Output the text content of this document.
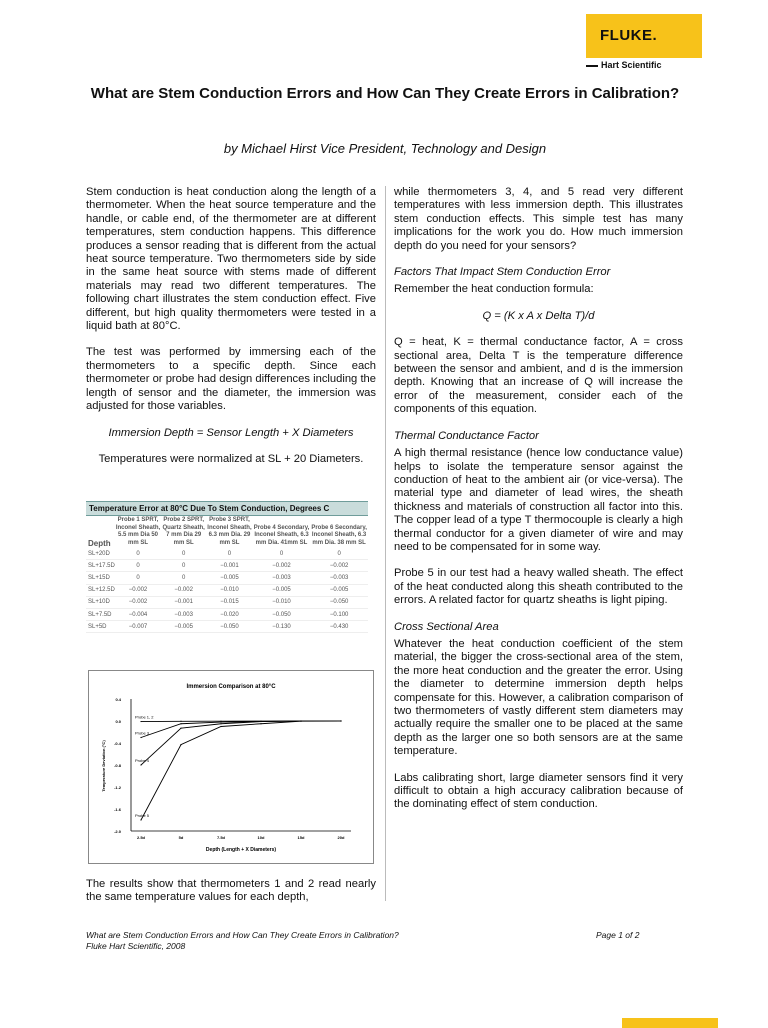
FLUKE.
Hart Scientific
What are Stem Conduction Errors and How Can They Create Errors in Calibration?
by Michael Hirst Vice President, Technology and Design

Stem conduction is heat conduction along the length of a thermometer. When the heat source temperature and the handle, or cable end, of the thermometer are at different temperatures, stem conduction happens. This difference produces a sensor reading that is different from the actual heat source temperature. Two thermometers side by side in the same heat source with stems made of different materials may read two different temperatures. The following chart illustrates the stem conduction effect. Five different, but high quality thermometers were tested in a liquid bath at 80°C.

The test was performed by immersing each of the thermometers to a specific depth. Since each thermometer or probe had design differences including the length of sensor and the diameter, the immersion was adjusted for those variables.

Immersion Depth = Sensor Length + X Diameters

Temperatures were normalized at SL + 20 Diameters.

Temperature Error at 80°C Due To Stem Conduction, Degrees C
Depth	Probe 1 SPRT, Inconel Sheath, 5.5 mm Dia 50 mm SL	Probe 2 SPRT, Quartz Sheath, 7 mm Dia 29 mm SL	Probe 3 SPRT, Inconel Sheath, 6.3 mm Dia. 29 mm SL	Probe 4 Secondary, Inconel Sheath, 6.3 mm Dia. 41mm SL	Probe 6 Secondary, Inconel Sheath, 6.3 mm Dia. 38 mm SL
SL+20D	0	0	0	0	0
SL+17.5D	0	0	−0.001	−0.002	−0.002
SL+15D	0	0	−0.005	−0.003	−0.003
SL+12.5D	−0.002	−0.002	−0.010	−0.005	−0.005
SL+10D	−0.002	−0.001	−0.015	−0.010	−0.050
SL+7.5D	−0.004	−0.003	−0.020	−0.050	−0.100
SL+5D	−0.007	−0.005	−0.050	−0.130	−0.430
Immersion Comparison at 80°C
0.4
0.0
-0.4
-0.8
-1.2
-1.6
-2.0
2.5d	5d	7.5d	10d	15d	20d
Depth (Length + X Diameters)
Temperature Deviation (°C)
Probe 1, 2
Probe 3
Probe 4
Probe 5

The results show that thermometers 1 and 2 read nearly the same temperature values for each depth,

while thermometers 3, 4, and 5 read very different temperatures with less immersion depth. This illustrates stem conduction effects. This simple test has many implications for the work you do. How much immersion depth do you need for your sensors?

Factors That Impact Stem Conduction Error

Remember the heat conduction formula:

Q = (K x A x Delta T)/d

Q = heat, K = thermal conductance factor, A = cross sectional area, Delta T is the temperature difference between the sensor and ambient, and d is the immersion depth. Knowing that an increase of Q will increase the error of the measurement, consider each of the components of this equation.

Thermal Conductance Factor

A high thermal resistance (hence low conductance value) helps to isolate the temperature sensor against the conduction of heat to the ambient air (or vice-versa). The material type and diameter of lead wires, the sheath thickness and materials of construction all factor into this. The copper lead of a type T thermocouple is clearly a high thermal conductor for a given diameter of wire and may need to be compensated for in some way.

Probe 5 in our test had a heavy walled sheath. The effect of the heat conducted along this sheath contributed to the errors. A related factor for quartz sheaths is light piping.

Cross Sectional Area

Whatever the heat conduction coefficient of the stem material, the bigger the cross-sectional area of the stem, the more heat conduction and the greater the error. Using the diameter to determine immersion depth helps compensate for this. However, a calibration comparison of two thermometers of vastly different stem diameters may actually require the smaller one to be placed at the same depth as the larger one so both sensors are at the same temperature.

Labs calibrating short, large diameter sensors find it very difficult to obtain a high accuracy calibration because of the dominating effect of stem conduction.

What are Stem Conduction Errors and How Can They Create Errors in Calibration?
Fluke Hart Scientific, 2008
Page 1 of 2
